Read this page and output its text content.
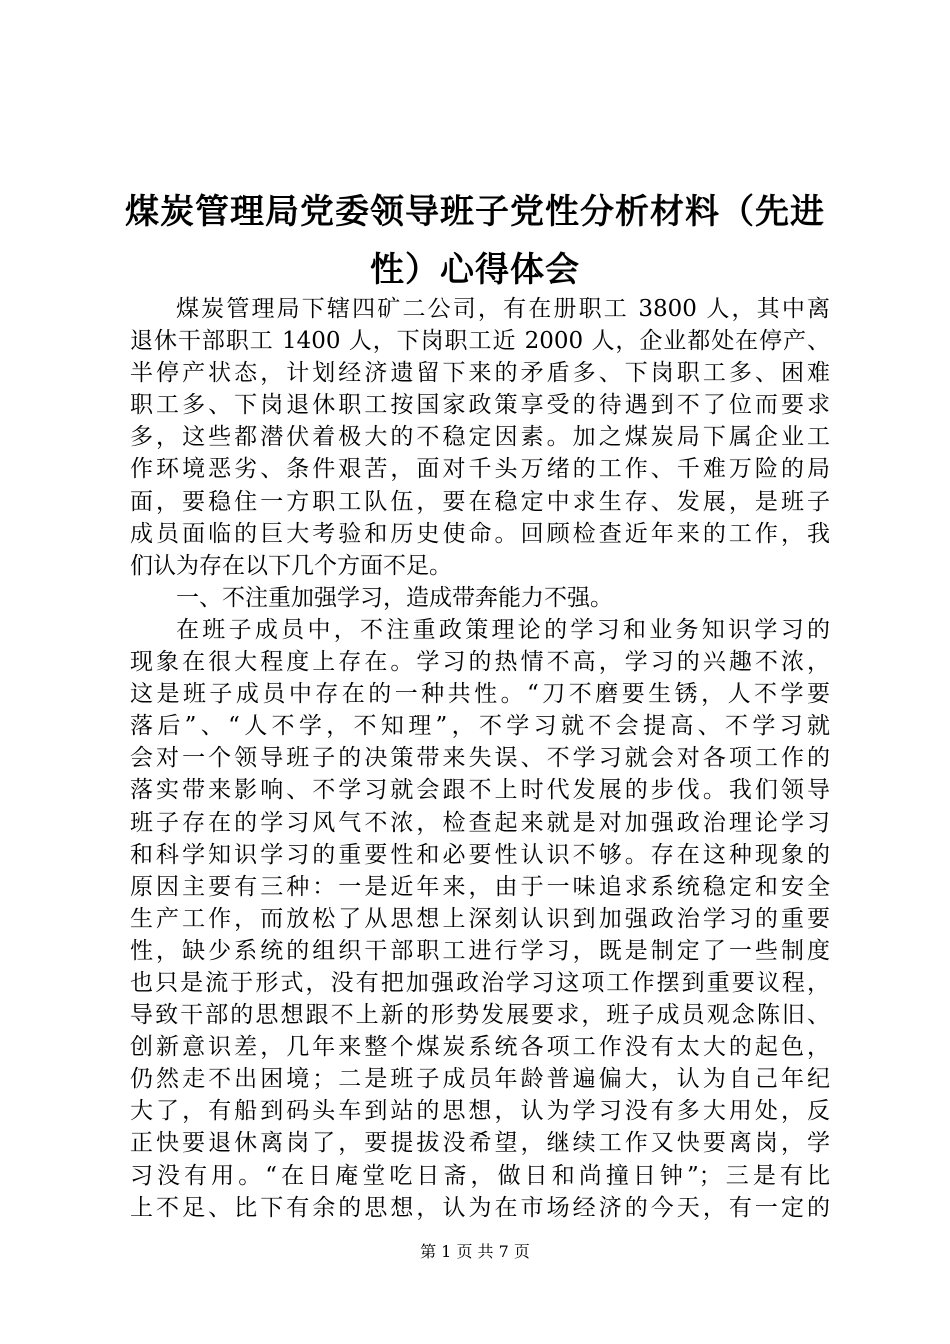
煤炭管理局党委领导班子党性分析材料（先进
性）心得体会
煤炭管理局下辖四矿二公司，有在册职工 3800 人，其中离
退休干部职工 1400 人，下岗职工近 2000 人，企业都处在停产、
半停产状态，计划经济遗留下来的矛盾多、下岗职工多、困难
职工多、下岗退休职工按国家政策享受的待遇到不了位而要求
多，这些都潜伏着极大的不稳定因素。加之煤炭局下属企业工
作环境恶劣、条件艰苦，面对千头万绪的工作、千难万险的局
面，要稳住一方职工队伍，要在稳定中求生存、发展，是班子
成员面临的巨大考验和历史使命。回顾检查近年来的工作，我
们认为存在以下几个方面不足。
一、不注重加强学习，造成带奔能力不强。
在班子成员中，不注重政策理论的学习和业务知识学习的
现象在很大程度上存在。学习的热情不高，学习的兴趣不浓，
这是班子成员中存在的一种共性。“刀不磨要生锈，人不学要
落后”、“人不学，不知理”，不学习就不会提高、不学习就
会对一个领导班子的决策带来失误、不学习就会对各项工作的
落实带来影响、不学习就会跟不上时代发展的步伐。我们领导
班子存在的学习风气不浓，检查起来就是对加强政治理论学习
和科学知识学习的重要性和必要性认识不够。存在这种现象的
原因主要有三种：一是近年来，由于一味追求系统稳定和安全
生产工作，而放松了从思想上深刻认识到加强政治学习的重要
性，缺少系统的组织干部职工进行学习，既是制定了一些制度
也只是流于形式，没有把加强政治学习这项工作摆到重要议程，
导致干部的思想跟不上新的形势发展要求，班子成员观念陈旧、
创新意识差，几年来整个煤炭系统各项工作没有太大的起色，
仍然走不出困境；二是班子成员年龄普遍偏大，认为自己年纪
大了，有船到码头车到站的思想，认为学习没有多大用处，反
正快要退休离岗了，要提拔没希望，继续工作又快要离岗，学
习没有用。“在日庵堂吃日斋，做日和尚撞日钟”；三是有比
上不足、比下有余的思想，认为在市场经济的今天，有一定的
第 1 页 共 7 页
